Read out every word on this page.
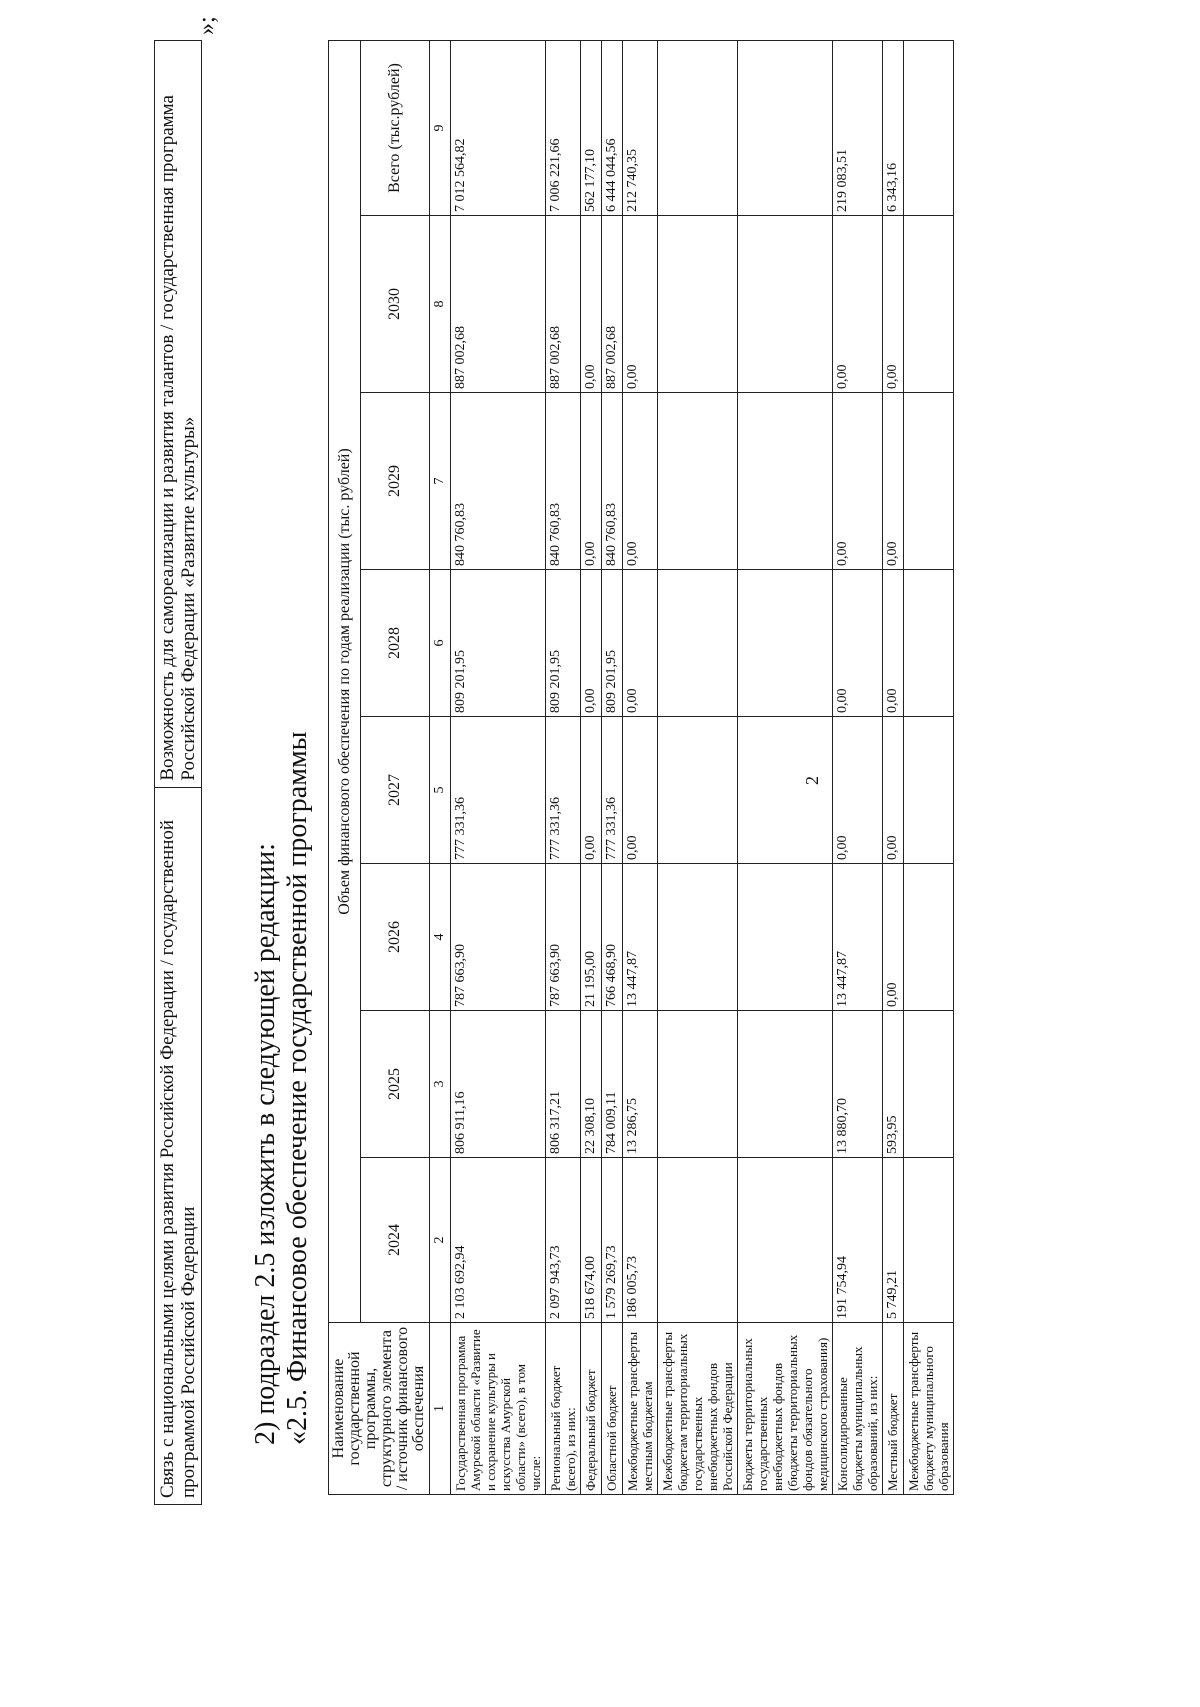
2
Связь с национальными целями развития Российской Федерации / государственной программой Российской Федерации	Возможность для самореализации и развития талантов / государственная программа Российской Федерации «Развитие культуры»
»;
2) подраздел 2.5 изложить в следующей редакции: «2.5. Финансовое обеспечение государственной программы Наименование государственной программы, структурного элемента / источник финансового обеспечения	Объем финансового обеспечения по годам реализации (тыс. рублей)							
	2024	2025	2026	2027	2028	2029	2030	Всего (тыс.рублей)
1	2	3	4	5	6	7	8	9
Государственная программа Амурской области «Развитие и сохранение культуры и искусства Амурской области» (всего), в том числе:	2 103 692,94	806 911,16	787 663,90	777 331,36	809 201,95	840 760,83	887 002,68	7 012 564,82
Региональный бюджет (всего), из них:	2 097 943,73	806 317,21	787 663,90	777 331,36	809 201,95	840 760,83	887 002,68	7 006 221,66
Федеральный бюджет	518 674,00	22 308,10	21 195,00	0,00	0,00	0,00	0,00	562 177,10
Областной бюджет	1 579 269,73	784 009,11	766 468,90	777 331,36	809 201,95	840 760,83	887 002,68	6 444 044,56
Межбюджетные трансферты местным бюджетам	186 005,73	13 286,75	13 447,87	0,00	0,00	0,00	0,00	212 740,35
Межбюджетные трансферты бюджетам территориальных государственных внебюджетных фондов Российской Федерации								
Бюджеты территориальных государственных внебюджетных фондов (бюджеты территориальных фондов обязательного медицинского страхования)								
Консолидированные бюджеты муниципальных образований, из них:	191 754,94	13 880,70	13 447,87	0,00	0,00	0,00	0,00	219 083,51
Местный бюджет	5 749,21	593,95	0,00	0,00	0,00	0,00	0,00	6 343,16
Межбюджетные трансферты бюджету муниципального образования								
